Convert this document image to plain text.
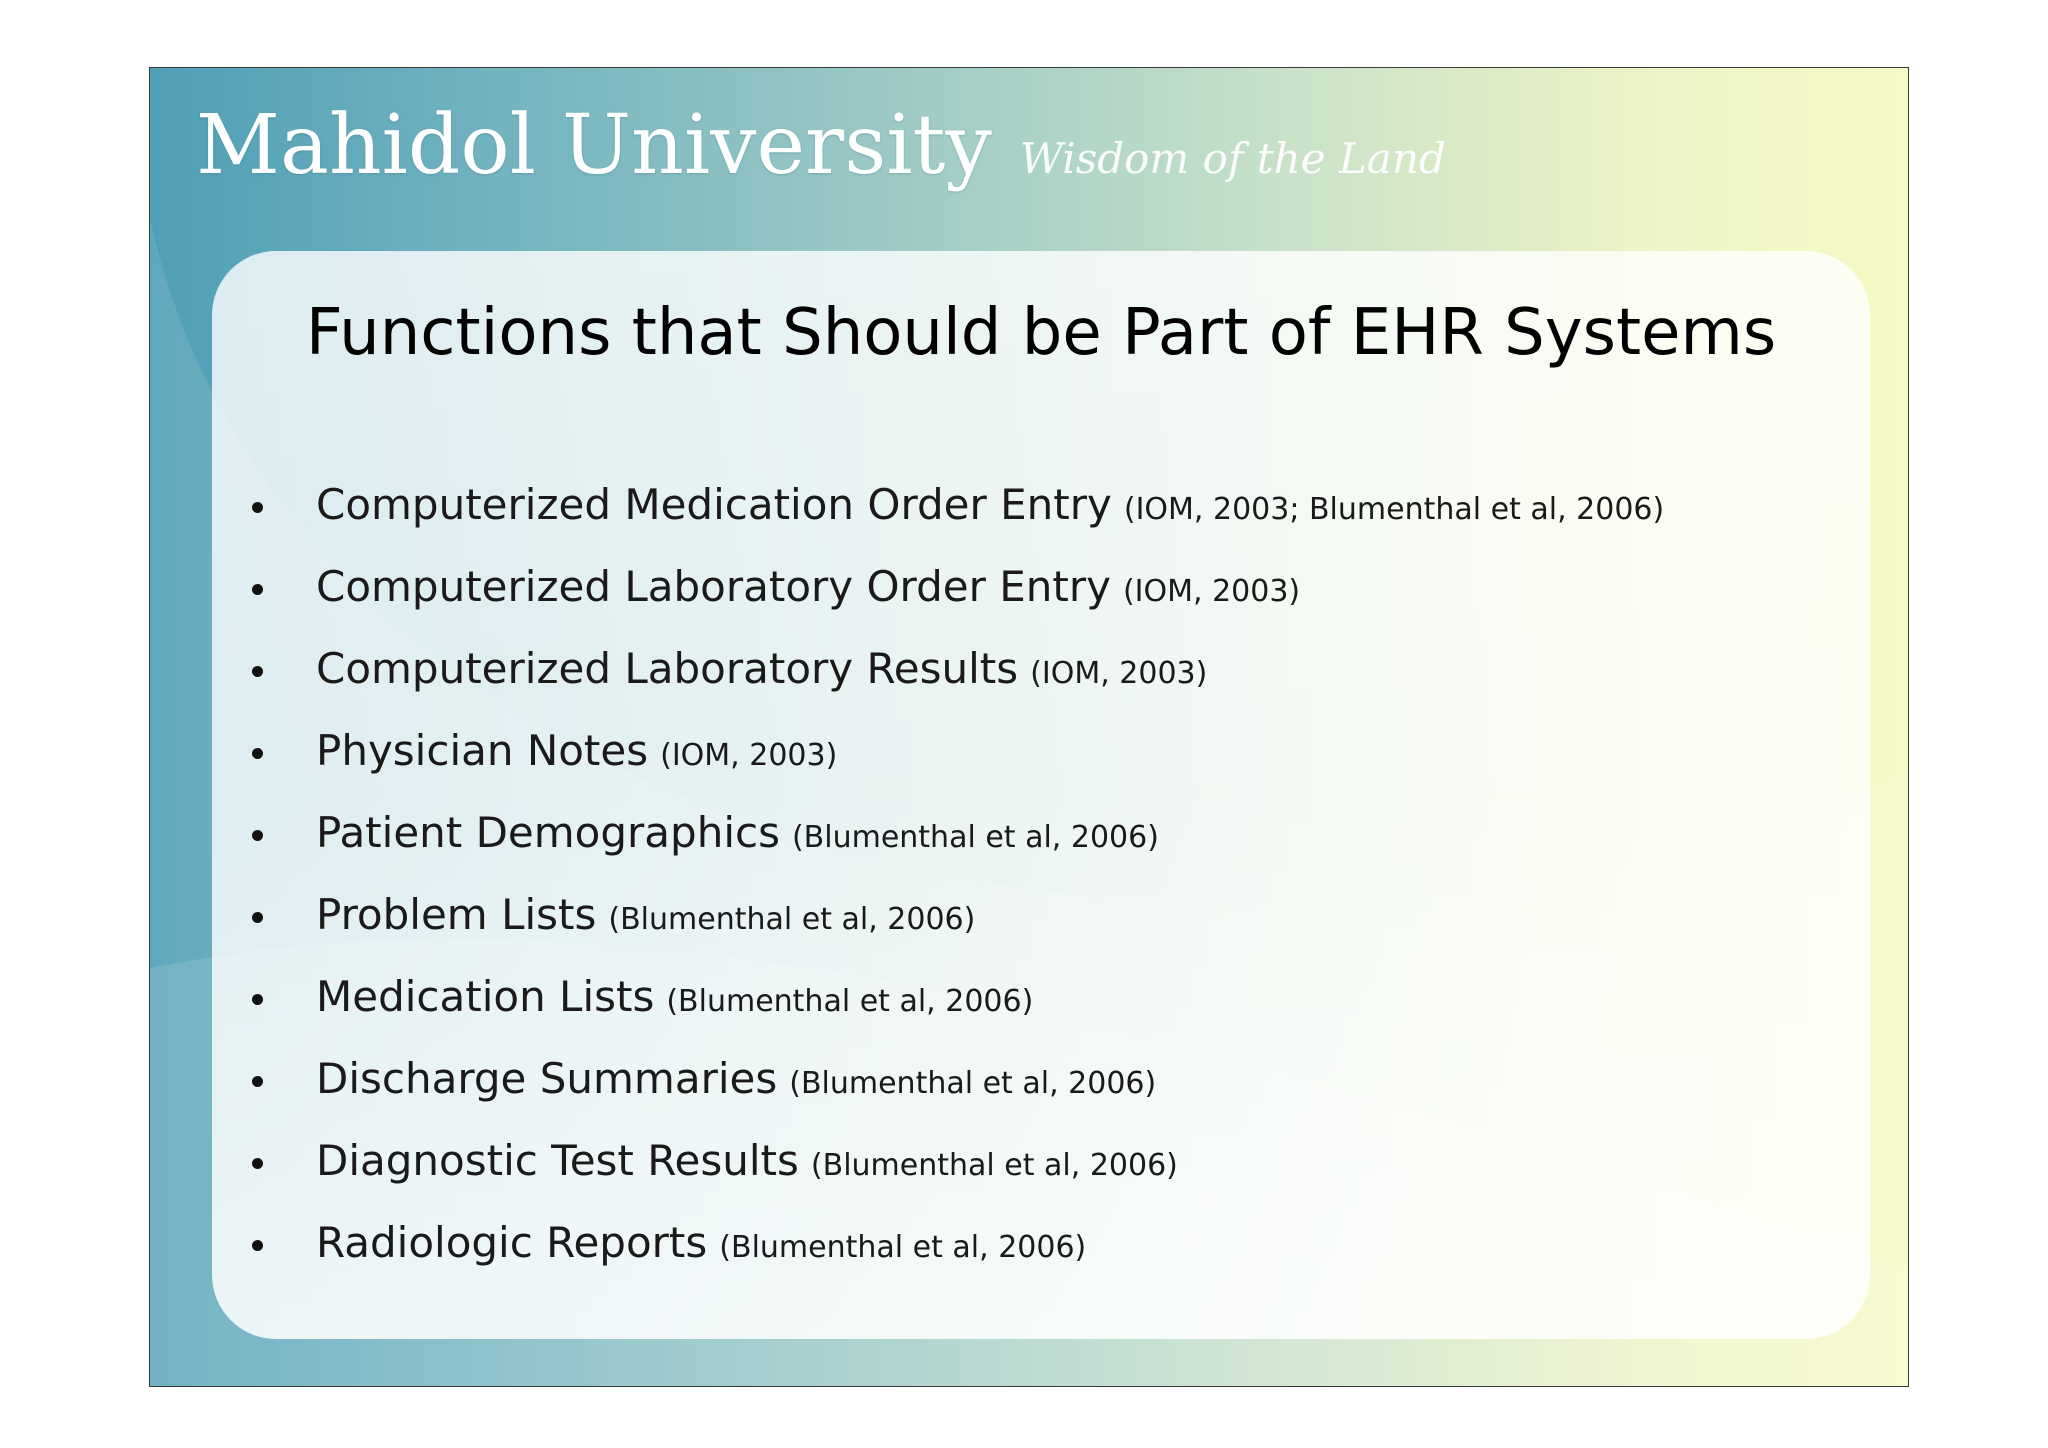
Mahidol University Wisdom of the Land
Functions that Should be Part of EHR Systems
Computerized Medication Order Entry (IOM, 2003; Blumenthal et al, 2006)
Computerized Laboratory Order Entry (IOM, 2003)
Computerized Laboratory Results (IOM, 2003)
Physician Notes (IOM, 2003)
Patient Demographics (Blumenthal et al, 2006)
Problem Lists (Blumenthal et al, 2006)
Medication Lists (Blumenthal et al, 2006)
Discharge Summaries (Blumenthal et al, 2006)
Diagnostic Test Results (Blumenthal et al, 2006)
Radiologic Reports (Blumenthal et al, 2006)
